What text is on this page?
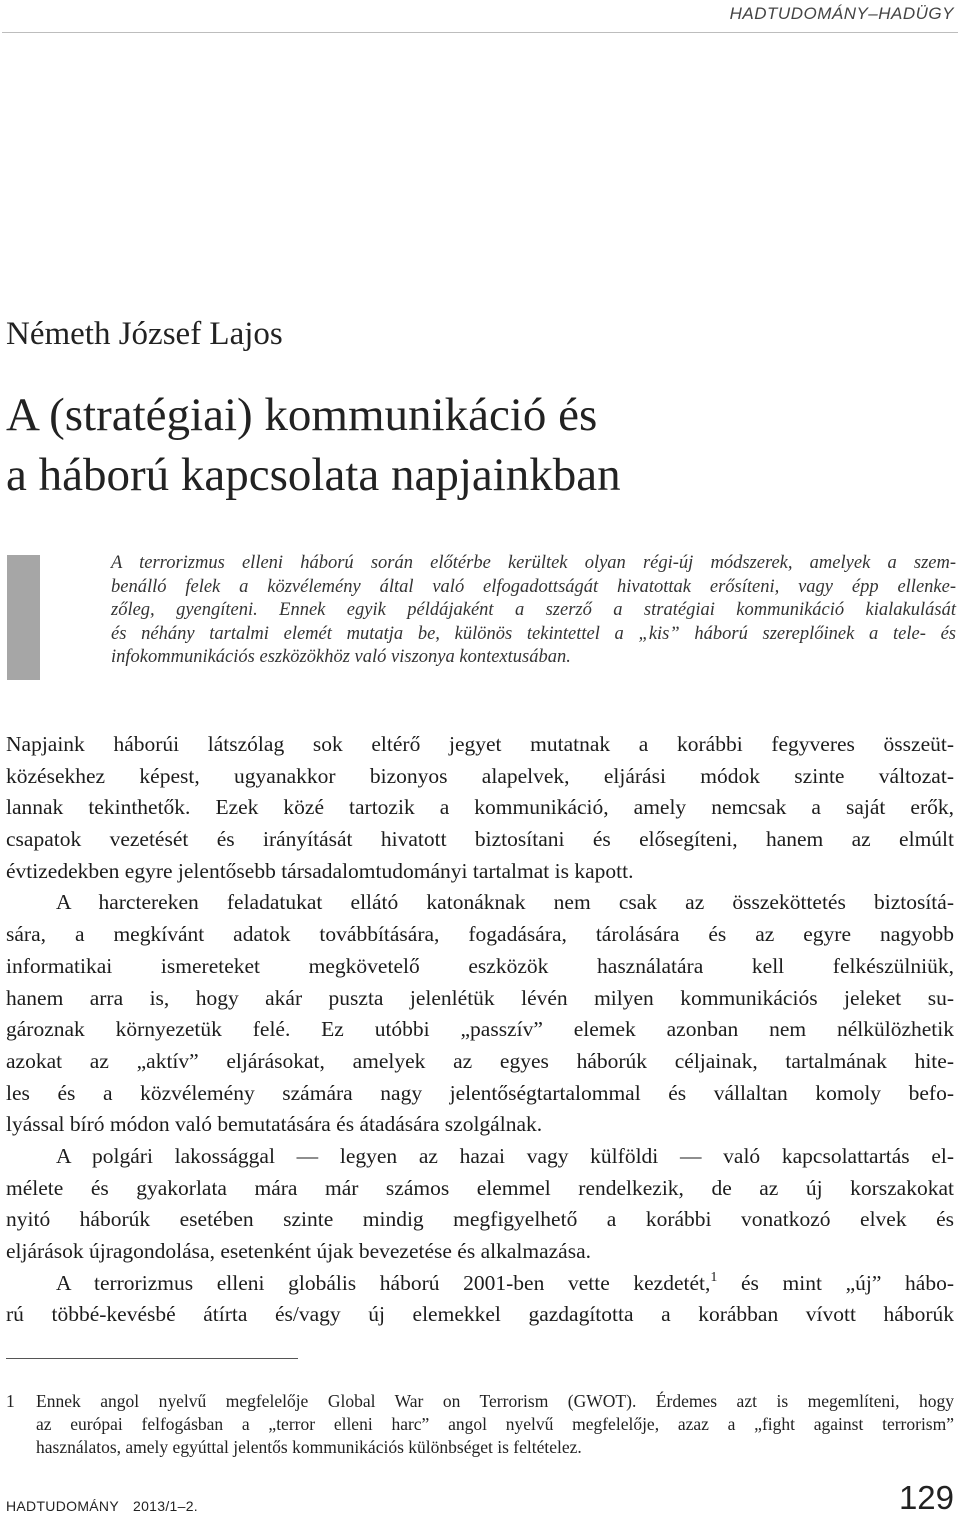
HADTUDOMÁNY–HADÜGY
Németh József Lajos
A (stratégiai) kommunikáció és
a háború kapcsolata napjainkban
A terrorizmus elleni háború során előtérbe kerültek olyan régi-új módszerek, amelyek a szem-
benálló felek a közvélemény által való elfogadottságát hivatottak erősíteni, vagy épp ellenke-
zőleg, gyengíteni. Ennek egyik példájaként a szerző a stratégiai kommunikáció kialakulását
és néhány tartalmi elemét mutatja be, különös tekintettel a „kis” háború szereplőinek a tele- és
infokommunikációs eszközökhöz való viszonya kontextusában.
Napjaink háborúi látszólag sok eltérő jegyet mutatnak a korábbi fegyveres összeüt-
közésekhez képest, ugyanakkor bizonyos alapelvek, eljárási módok szinte változat-
lannak tekinthetők. Ezek közé tartozik a kommunikáció, amely nemcsak a saját erők,
csapatok vezetését és irányítását hivatott biztosítani és elősegíteni, hanem az elmúlt
évtizedekben egyre jelentősebb társadalomtudományi tartalmat is kapott.
A harctereken feladatukat ellátó katonáknak nem csak az összeköttetés biztosítá-
sára, a megkívánt adatok továbbítására, fogadására, tárolására és az egyre nagyobb
informatikai ismereteket megkövetelő eszközök használatára kell felkészülniük,
hanem arra is, hogy akár puszta jelenlétük lévén milyen kommunikációs jeleket su-
gároznak környezetük felé. Ez utóbbi „passzív” elemek azonban nem nélkülözhetik
azokat az „aktív” eljárásokat, amelyek az egyes háborúk céljainak, tartalmának hite-
les és a közvélemény számára nagy jelentőségtartalommal és vállaltan komoly befo-
lyással bíró módon való bemutatására és átadására szolgálnak.
A polgári lakossággal — legyen az hazai vagy külföldi — való kapcsolattartás el-
mélete és gyakorlata mára már számos elemmel rendelkezik, de az új korszakokat
nyitó háborúk esetében szinte mindig megfigyelhető a korábbi vonatkozó elvek és
eljárások újragondolása, esetenként újak bevezetése és alkalmazása.
A terrorizmus elleni globális háború 2001-ben vette kezdetét,$^1$ és mint „új” hábo-
rú többé-kevésbé átírta és/vagy új elemekkel gazdagította a korábban vívott háborúk
1 Ennek angol nyelvű megfelelője Global War on Terrorism (GWOT). Érdemes azt is megemlíteni, hogy
az európai felfogásban a „terror elleni harc” angol nyelvű megfelelője, azaz a „fight against terrorism”
használatos, amely egyúttal jelentős kommunikációs különbséget is feltételez.
HADTUDOMÁNY 2013/1–2.	129
